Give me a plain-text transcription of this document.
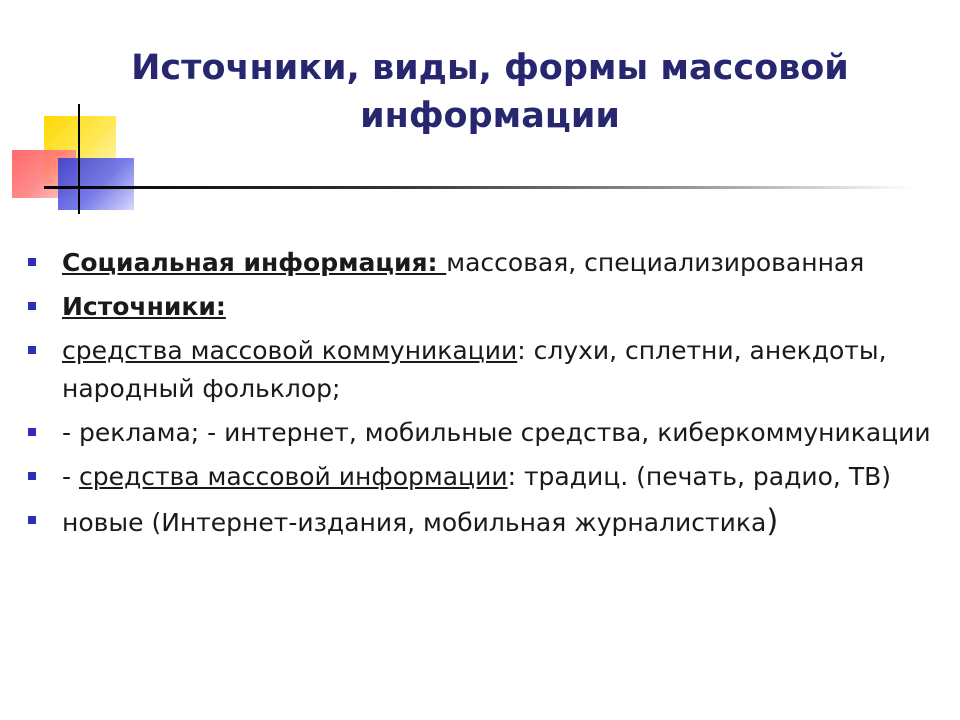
Источники, виды, формы массовой
информации
Социальная информация: массовая, специализированная
Источники:
средства массовой коммуникации: слухи, сплетни, анекдоты, народный фольклор;
- реклама; - интернет, мобильные средства, киберкоммуникации
- средства массовой информации: традиц. (печать, радио, ТВ)
новые (Интернет-издания, мобильная журналистика)
